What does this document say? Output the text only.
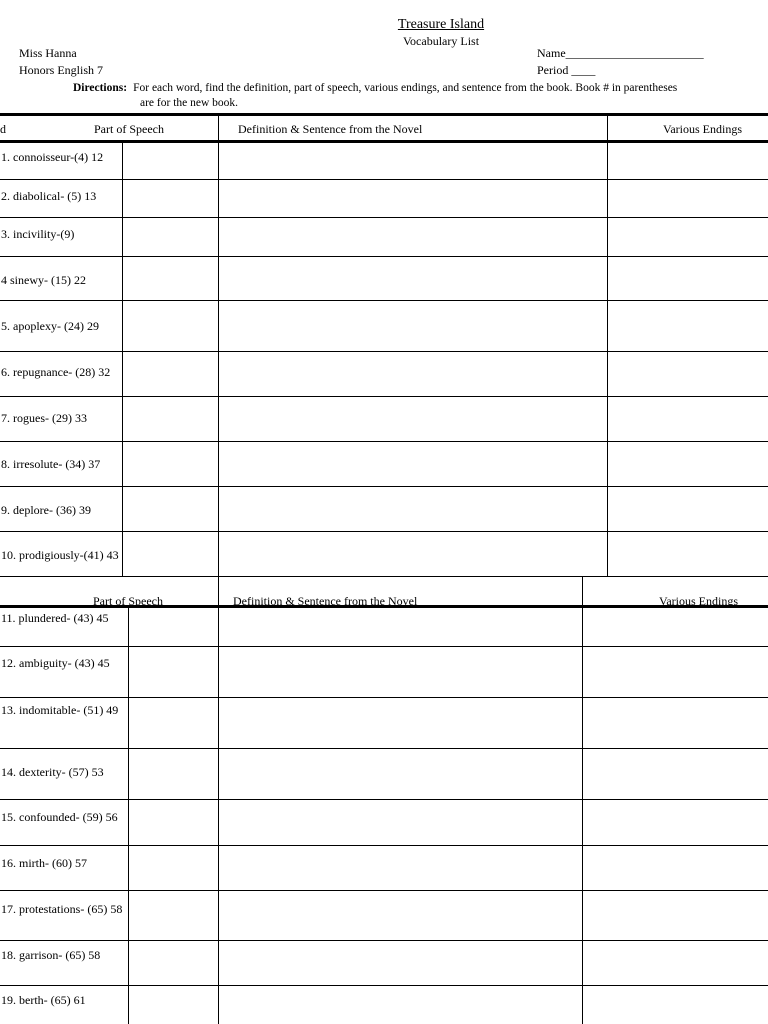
Treasure Island
Vocabulary List
Miss Hanna
Honors English 7
Name_______________________
Period ____
Directions: For each word, find the definition, part of speech, various endings, and sentence from the book. Book # in parentheses
are for the new book.
d	Part of Speech	Definition & Sentence from the Novel	Various Endings
1. connoisseur-(4) 12
2. diabolical- (5) 13
3. incivility-(9)
4 sinewy- (15) 22
5. apoplexy- (24) 29
6. repugnance- (28) 32
7. rogues- (29) 33
8. irresolute- (34) 37
9. deplore- (36) 39
10. prodigiously-(41) 43
Part of Speech	Definition & Sentence from the Novel	Various Endings
11. plundered- (43) 45
12. ambiguity- (43) 45
13. indomitable- (51) 49
14. dexterity- (57) 53
15. confounded- (59) 56
16. mirth- (60) 57
17. protestations- (65) 58
18. garrison- (65) 58
19. berth- (65) 61
